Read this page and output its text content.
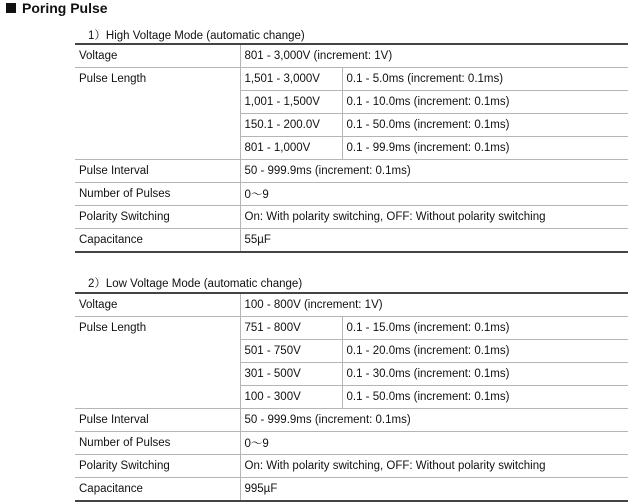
Poring Pulse
1）High Voltage Mode (automatic change)
Voltage	801 - 3,000V (increment: 1V)	
Pulse Length	1,501 - 3,000V	0.1 - 5.0ms (increment: 0.1ms)
	1,001 - 1,500V	0.1 - 10.0ms (increment: 0.1ms)
	150.1 - 200.0V	0.1 - 50.0ms (increment: 0.1ms)
	801 - 1,000V	0.1 - 99.9ms (increment: 0.1ms)
Pulse Interval	50 - 999.9ms (increment: 0.1ms)	
Number of Pulses	0〜9	
Polarity Switching	On: With polarity switching, OFF: Without polarity switching	
Capacitance	55µF	
2）Low Voltage Mode (automatic change)
Voltage	100 - 800V (increment: 1V)	
Pulse Length	751 - 800V	0.1 - 15.0ms (increment: 0.1ms)
	501 - 750V	0.1 - 20.0ms (increment: 0.1ms)
	301 - 500V	0.1 - 30.0ms (increment: 0.1ms)
	100 - 300V	0.1 - 50.0ms (increment: 0.1ms)
Pulse Interval	50 - 999.9ms (increment: 0.1ms)	
Number of Pulses	0〜9	
Polarity Switching	On: With polarity switching, OFF: Without polarity switching	
Capacitance	995µF	
